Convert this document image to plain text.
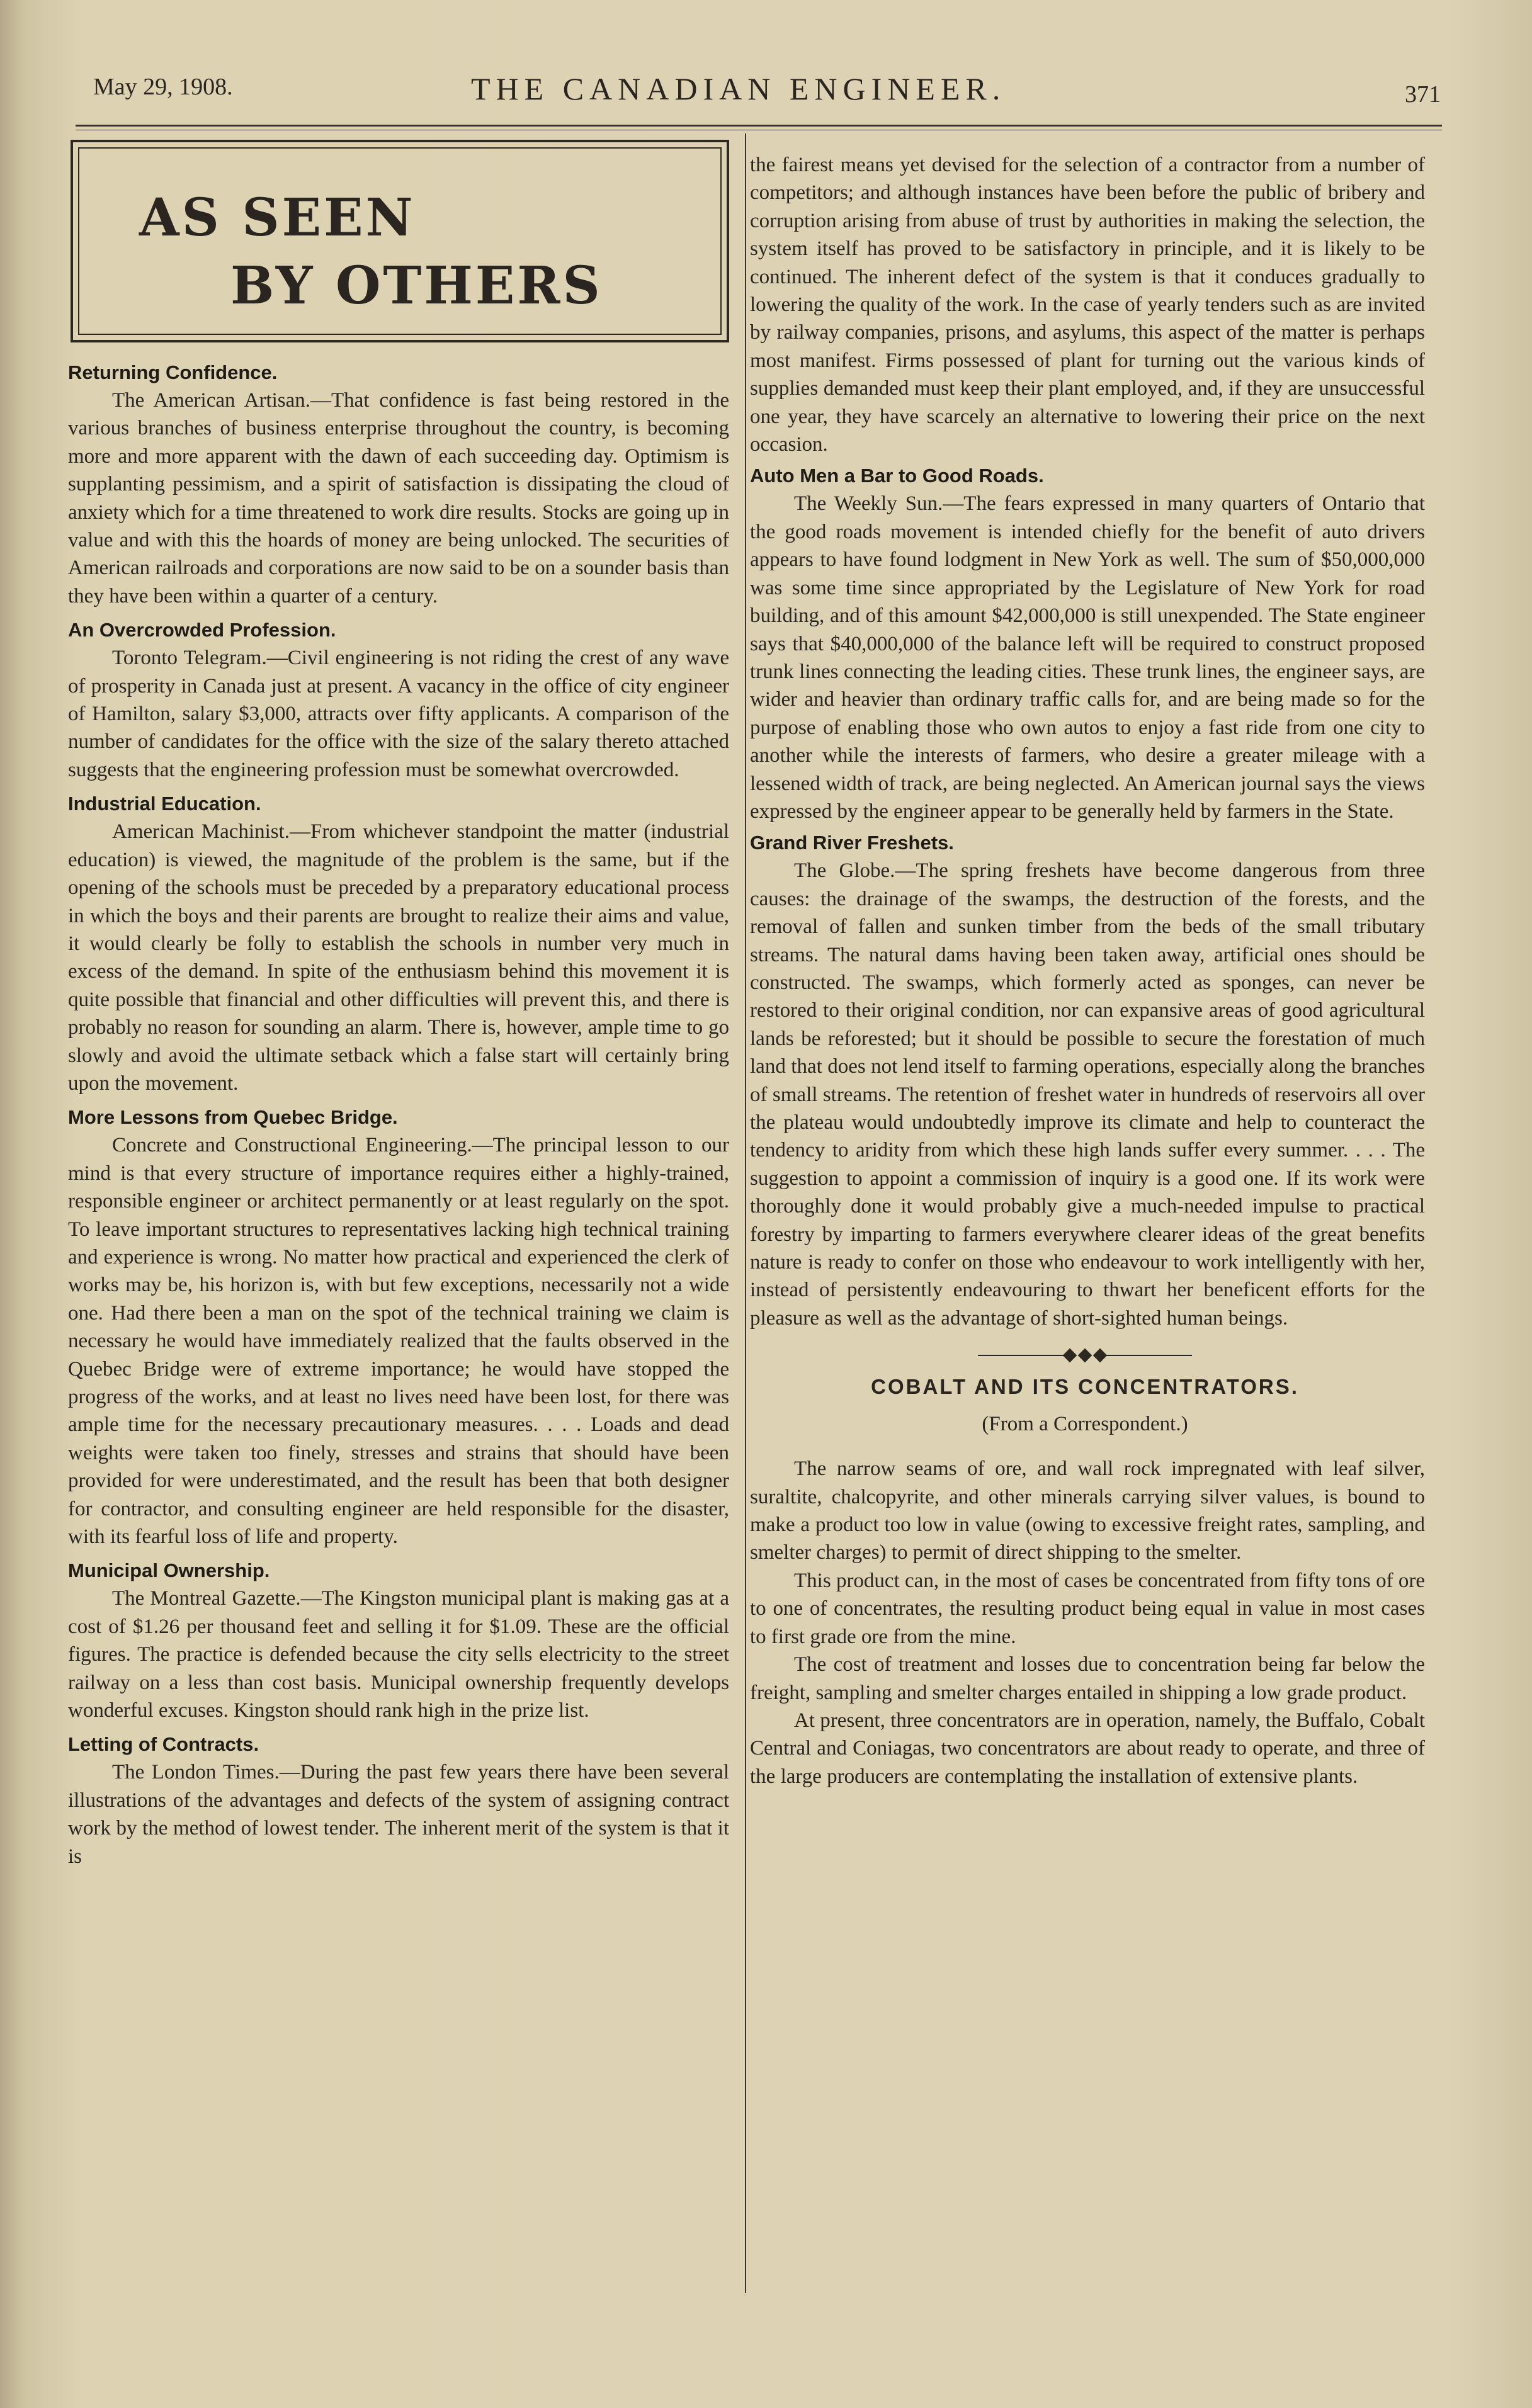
May 29, 1908.	THE CANADIAN ENGINEER.	371
AS SEEN
BY OTHERS
Returning Confidence.

The American Artisan.—That confidence is fast being restored in the various branches of business enterprise throughout the country, is becoming more and more apparent with the dawn of each succeeding day. Optimism is supplanting pessimism, and a spirit of satisfaction is dissipating the cloud of anxiety which for a time threatened to work dire results. Stocks are going up in value and with this the hoards of money are being unlocked. The securities of American railroads and corporations are now said to be on a sounder basis than they have been within a quarter of a century.

An Overcrowded Profession.

Toronto Telegram.—Civil engineering is not riding the crest of any wave of prosperity in Canada just at present. A vacancy in the office of city engineer of Hamilton, salary $3,000, attracts over fifty applicants. A comparison of the number of candidates for the office with the size of the salary thereto attached suggests that the engineering profession must be somewhat overcrowded.

Industrial Education.

American Machinist.—From whichever standpoint the matter (industrial education) is viewed, the magnitude of the problem is the same, but if the opening of the schools must be preceded by a preparatory educational process in which the boys and their parents are brought to realize their aims and value, it would clearly be folly to establish the schools in number very much in excess of the demand. In spite of the enthusiasm behind this movement it is quite possible that financial and other difficulties will prevent this, and there is probably no reason for sounding an alarm. There is, however, ample time to go slowly and avoid the ultimate setback which a false start will certainly bring upon the movement.

More Lessons from Quebec Bridge.

Concrete and Constructional Engineering.—The principal lesson to our mind is that every structure of importance requires either a highly-trained, responsible engineer or architect permanently or at least regularly on the spot. To leave important structures to representatives lacking high technical training and experience is wrong. No matter how practical and experienced the clerk of works may be, his horizon is, with but few exceptions, necessarily not a wide one. Had there been a man on the spot of the technical training we claim is necessary he would have immediately realized that the faults observed in the Quebec Bridge were of extreme importance; he would have stopped the progress of the works, and at least no lives need have been lost, for there was ample time for the necessary precautionary measures. . . . Loads and dead weights were taken too finely, stresses and strains that should have been provided for were underestimated, and the result has been that both designer for contractor, and consulting engineer are held responsible for the disaster, with its fearful loss of life and property.

Municipal Ownership.

The Montreal Gazette.—The Kingston municipal plant is making gas at a cost of $1.26 per thousand feet and selling it for $1.09. These are the official figures. The practice is defended because the city sells electricity to the street railway on a less than cost basis. Municipal ownership frequently develops wonderful excuses. Kingston should rank high in the prize list.

Letting of Contracts.

The London Times.—During the past few years there have been several illustrations of the advantages and defects of the system of assigning contract work by the method of lowest tender. The inherent merit of the system is that it is

the fairest means yet devised for the selection of a contractor from a number of competitors; and although instances have been before the public of bribery and corruption arising from abuse of trust by authorities in making the selection, the system itself has proved to be satisfactory in principle, and it is likely to be continued. The inherent defect of the system is that it conduces gradually to lowering the quality of the work. In the case of yearly tenders such as are invited by railway companies, prisons, and asylums, this aspect of the matter is perhaps most manifest. Firms possessed of plant for turning out the various kinds of supplies demanded must keep their plant employed, and, if they are unsuccessful one year, they have scarcely an alternative to lowering their price on the next occasion.

Auto Men a Bar to Good Roads.

The Weekly Sun.—The fears expressed in many quarters of Ontario that the good roads movement is intended chiefly for the benefit of auto drivers appears to have found lodgment in New York as well. The sum of $50,000,000 was some time since appropriated by the Legislature of New York for road building, and of this amount $42,000,000 is still unexpended. The State engineer says that $40,000,000 of the balance left will be required to construct proposed trunk lines connecting the leading cities. These trunk lines, the engineer says, are wider and heavier than ordinary traffic calls for, and are being made so for the purpose of enabling those who own autos to enjoy a fast ride from one city to another while the interests of farmers, who desire a greater mileage with a lessened width of track, are being neglected. An American journal says the views expressed by the engineer appear to be generally held by farmers in the State.

Grand River Freshets.

The Globe.—The spring freshets have become dangerous from three causes: the drainage of the swamps, the destruction of the forests, and the removal of fallen and sunken timber from the beds of the small tributary streams. The natural dams having been taken away, artificial ones should be constructed. The swamps, which formerly acted as sponges, can never be restored to their original condition, nor can expansive areas of good agricultural lands be reforested; but it should be possible to secure the forestation of much land that does not lend itself to farming operations, especially along the branches of small streams. The retention of freshet water in hundreds of reservoirs all over the plateau would undoubtedly improve its climate and help to counteract the tendency to aridity from which these high lands suffer every summer. . . . The suggestion to appoint a commission of inquiry is a good one. If its work were thoroughly done it would probably give a much-needed impulse to practical forestry by imparting to farmers everywhere clearer ideas of the great benefits nature is ready to confer on those who endeavour to work intelligently with her, instead of persistently endeavouring to thwart her beneficent efforts for the pleasure as well as the advantage of short-sighted human beings.

COBALT AND ITS CONCENTRATORS.
(From a Correspondent.)

The narrow seams of ore, and wall rock impregnated with leaf silver, suraltite, chalcopyrite, and other minerals carrying silver values, is bound to make a product too low in value (owing to excessive freight rates, sampling, and smelter charges) to permit of direct shipping to the smelter.

This product can, in the most of cases be concentrated from fifty tons of ore to one of concentrates, the resulting product being equal in value in most cases to first grade ore from the mine.

The cost of treatment and losses due to concentration being far below the freight, sampling and smelter charges entailed in shipping a low grade product.

At present, three concentrators are in operation, namely, the Buffalo, Cobalt Central and Coniagas, two concentrators are about ready to operate, and three of the large producers are contemplating the installation of extensive plants.
